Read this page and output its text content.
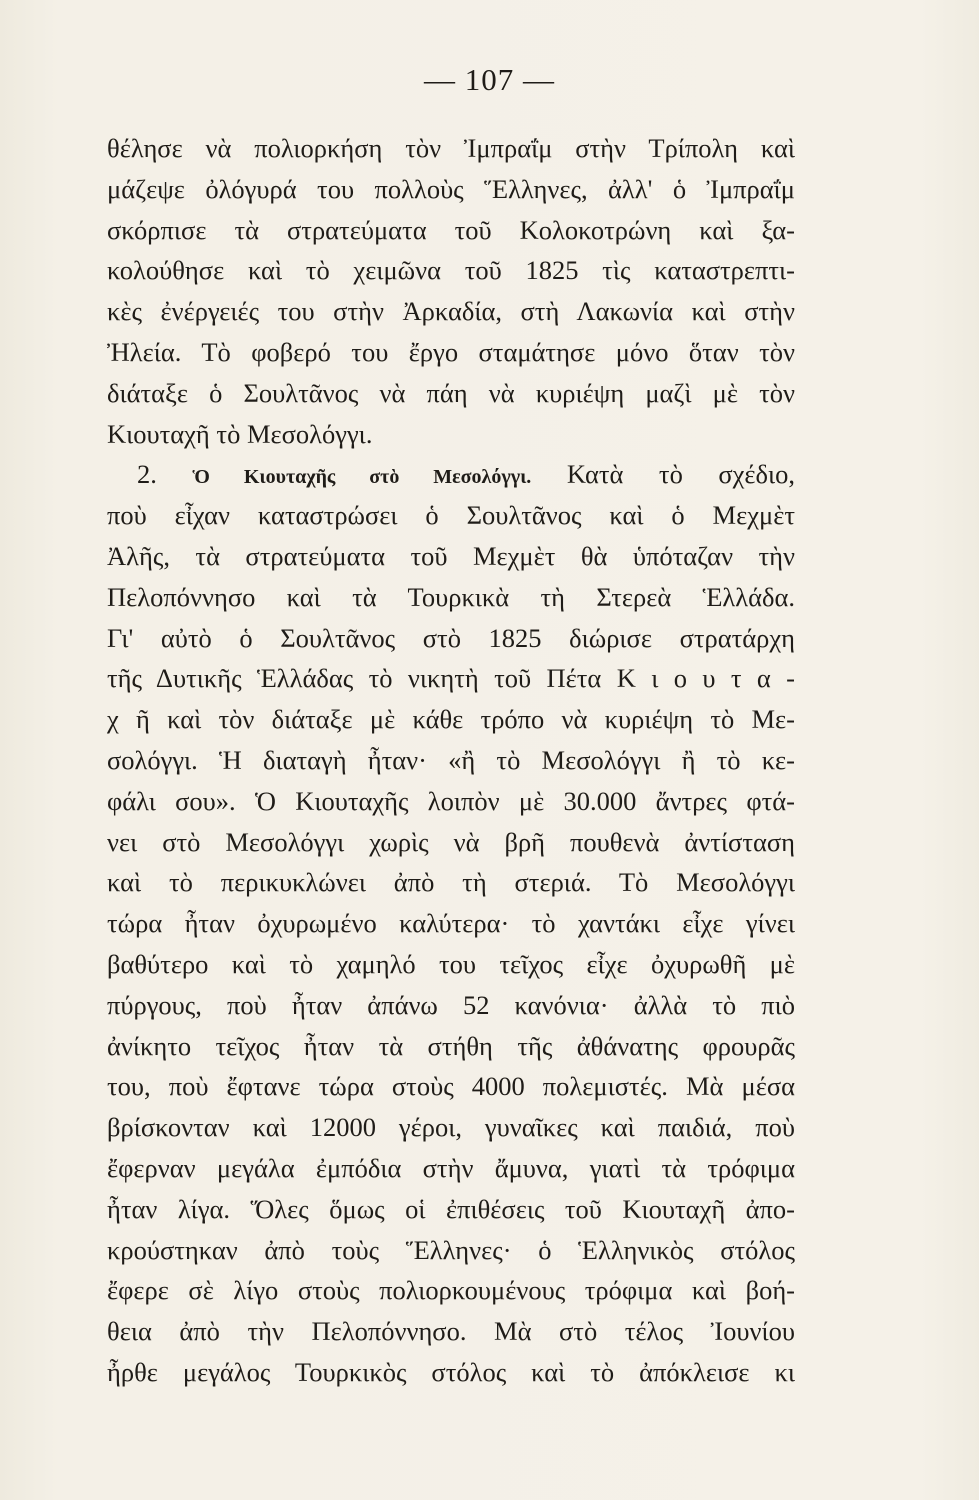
— 107 —
θέλησε νὰ πολιορκήση τὸν Ἰμπραΐμ στὴν Τρίπολη καὶ
μάζεψε ὀλόγυρά του πολλοὺς Ἕλληνες, ἀλλ' ὁ Ἰμπραΐμ
σκόρπισε τὰ στρατεύματα τοῦ Κολοκοτρώνη καὶ ξα-
κολούθησε καὶ τὸ χειμῶνα τοῦ 1825 τὶς καταστρεπτι-
κὲς ἐνέργειές του στὴν Ἀρκαδία, στὴ Λακωνία καὶ στὴν
Ἠλεία. Τὸ φοβερό του ἔργο σταμάτησε μόνο ὅταν τὸν
διάταξε ὁ Σουλτᾶνος νὰ πάη νὰ κυριέψη μαζὶ μὲ τὸν
Κιουταχῆ τὸ Μεσολόγγι.
2. Ὁ Κιουταχῆς στὸ Μεσολόγγι. Κατὰ τὸ σχέδιο,
ποὺ εἶχαν καταστρώσει ὁ Σουλτᾶνος καὶ ὁ Μεχμὲτ
Ἀλῆς, τὰ στρατεύματα τοῦ Μεχμὲτ θὰ ὑπόταζαν τὴν
Πελοπόννησο καὶ τὰ Τουρκικὰ τὴ Στερεὰ Ἑλλάδα.
Γι' αὐτὸ ὁ Σουλτᾶνος στὸ 1825 διώρισε στρατάρχη
τῆς Δυτικῆς Ἑλλάδας τὸ νικητὴ τοῦ Πέτα Κ ι ο υ τ α -
χ ῆ καὶ τὸν διάταξε μὲ κάθε τρόπο νὰ κυριέψη τὸ Με-
σολόγγι. Ἡ διαταγὴ ἦταν· «ἢ τὸ Μεσολόγγι ἢ τὸ κε-
φάλι σου». Ὁ Κιουταχῆς λοιπὸν μὲ 30.000 ἄντρες φτά-
νει στὸ Μεσολόγγι χωρὶς νὰ βρῆ πουθενὰ ἀντίσταση
καὶ τὸ περικυκλώνει ἀπὸ τὴ στεριά. Τὸ Μεσολόγγι
τώρα ἦταν ὀχυρωμένο καλύτερα· τὸ χαντάκι εἶχε γίνει
βαθύτερο καὶ τὸ χαμηλό του τεῖχος εἶχε ὀχυρωθῆ μὲ
πύργους, ποὺ ἦταν ἀπάνω 52 κανόνια· ἀλλὰ τὸ πιὸ
ἀνίκητο τεῖχος ἦταν τὰ στήθη τῆς ἀθάνατης φρουρᾶς
του, ποὺ ἔφτανε τώρα στοὺς 4000 πολεμιστές. Μὰ μέσα
βρίσκονταν καὶ 12000 γέροι, γυναῖκες καὶ παιδιά, ποὺ
ἔφερναν μεγάλα ἐμπόδια στὴν ἄμυνα, γιατὶ τὰ τρόφιμα
ἦταν λίγα. Ὅλες ὅμως οἱ ἐπιθέσεις τοῦ Κιουταχῆ ἀπο-
κρούστηκαν ἀπὸ τοὺς Ἕλληνες· ὁ Ἑλληνικὸς στόλος
ἔφερε σὲ λίγο στοὺς πολιορκουμένους τρόφιμα καὶ βοή-
θεια ἀπὸ τὴν Πελοπόννησο. Μὰ στὸ τέλος Ἰουνίου
ἦρθε μεγάλος Τουρκικὸς στόλος καὶ τὸ ἀπόκλεισε κι
